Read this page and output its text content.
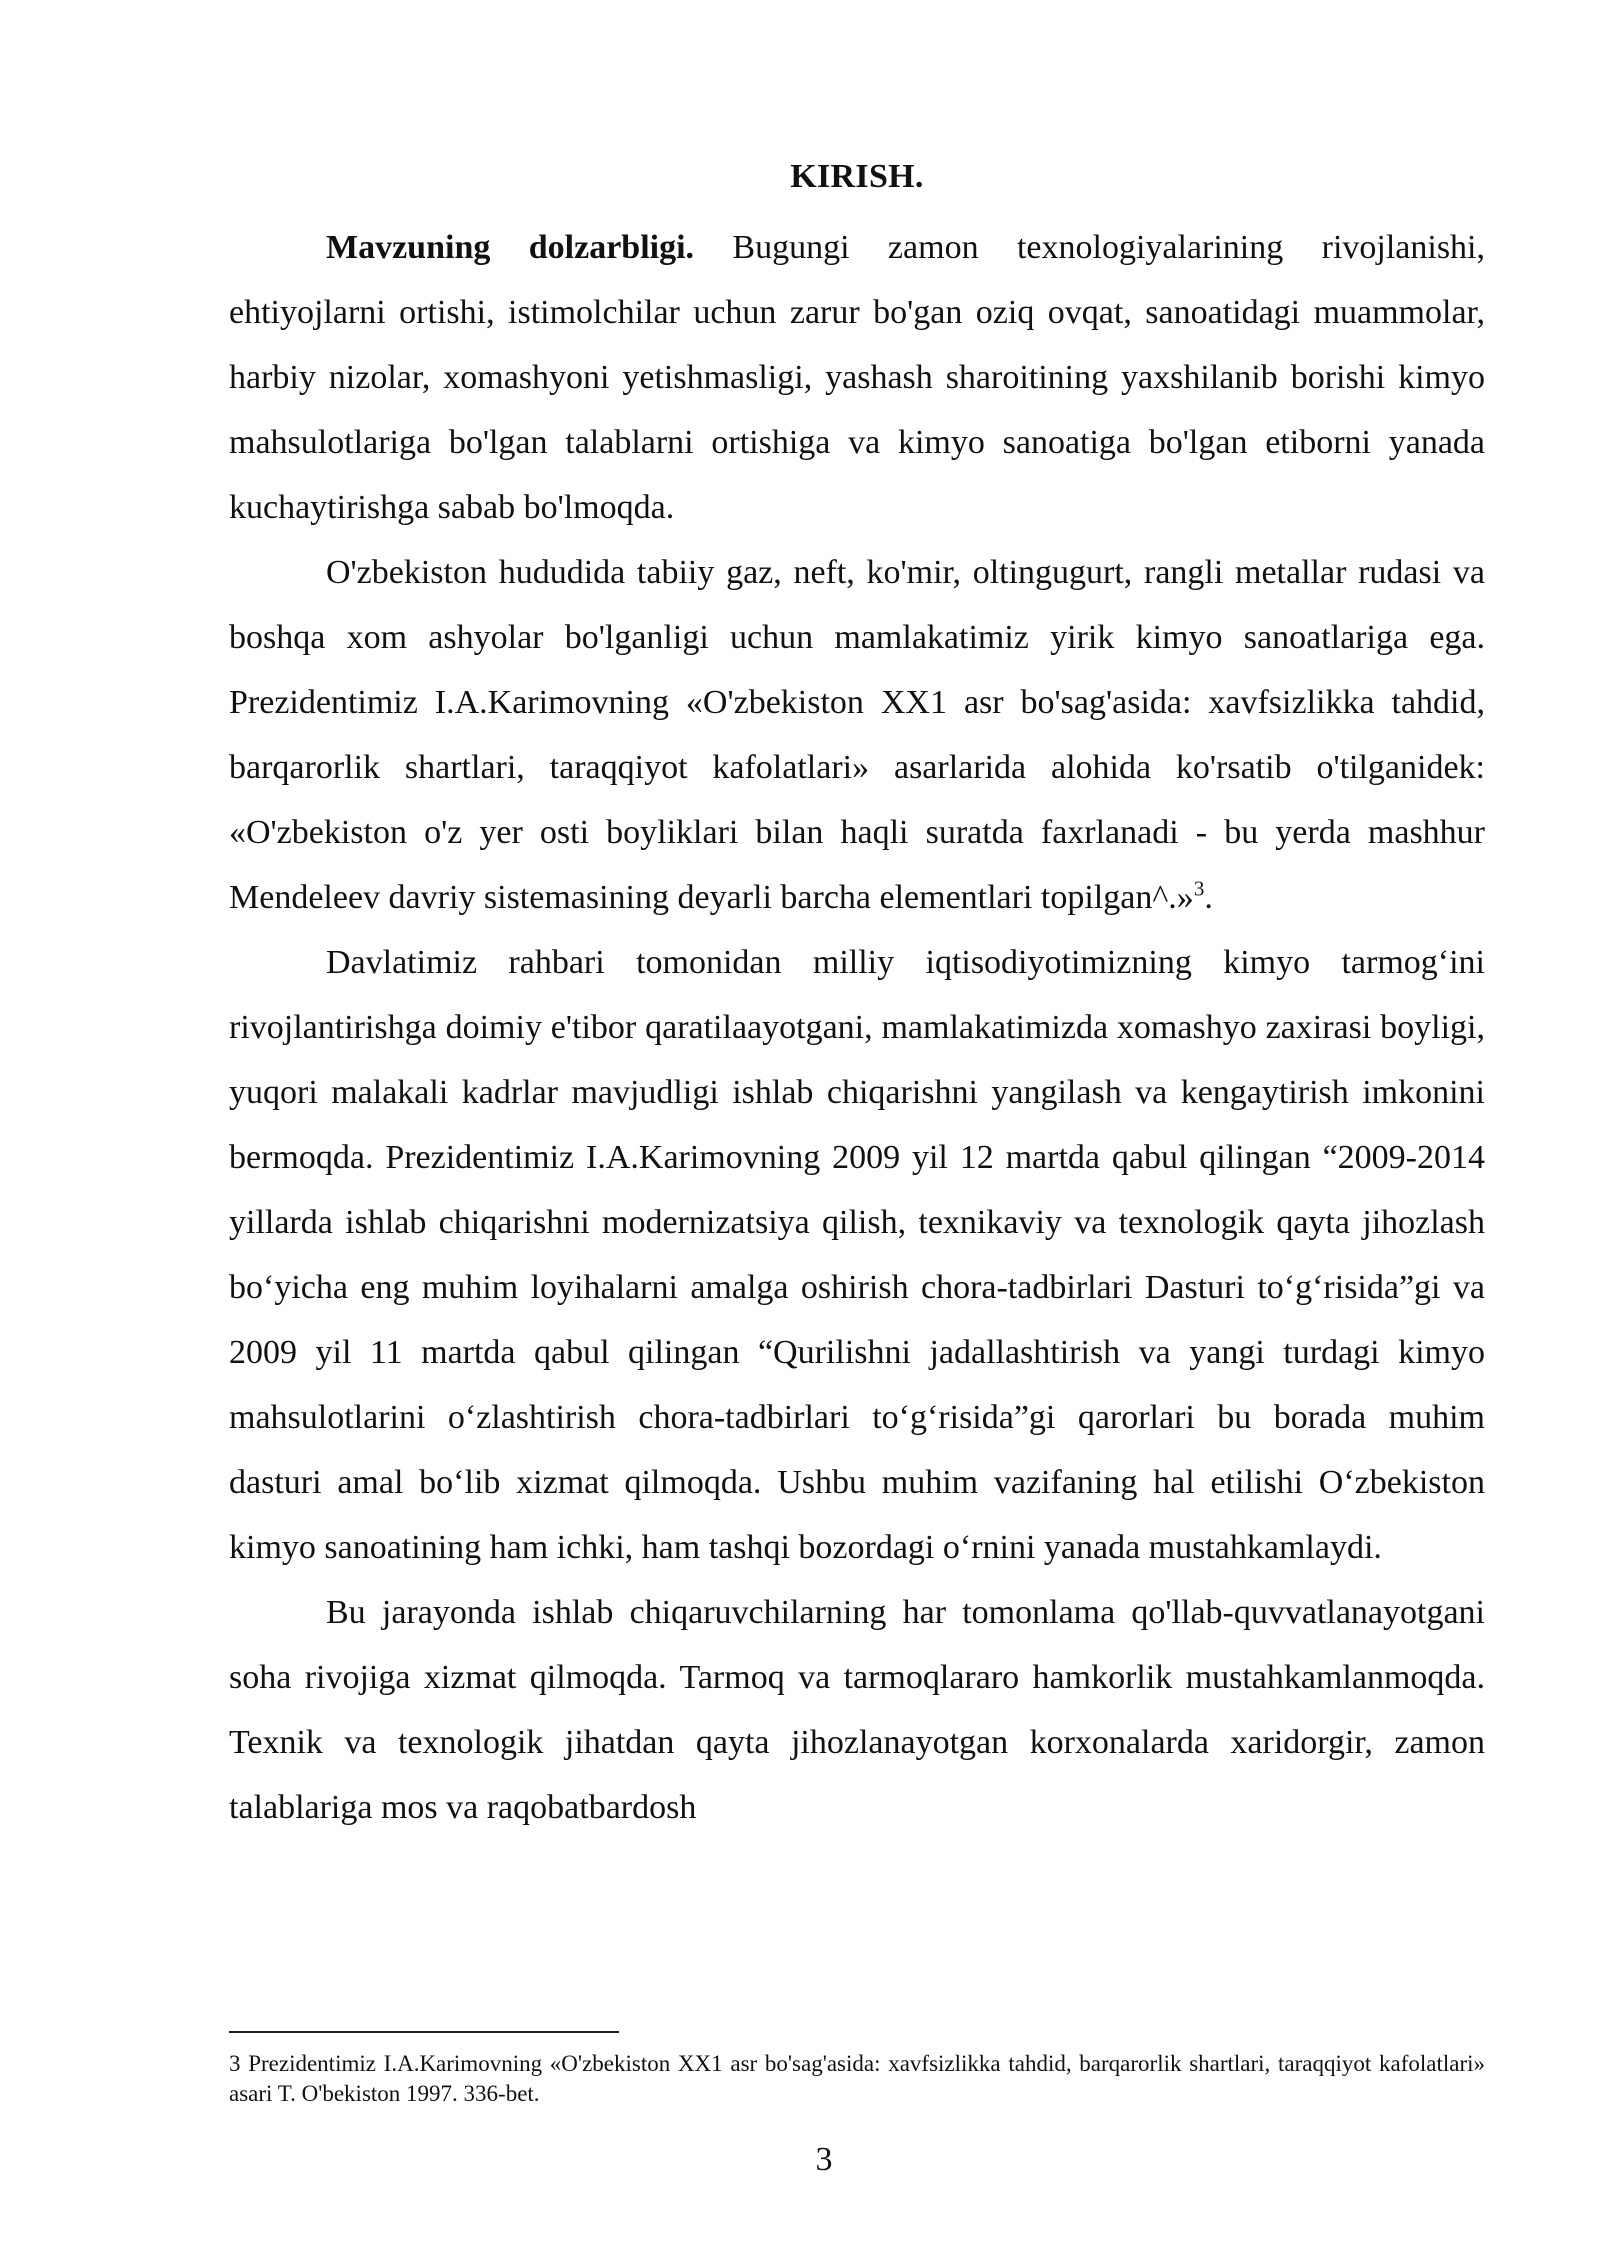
KIRISH.

Mavzuning dolzarbligi. Bugungi zamon texnologiyalarining rivojlanishi, ehtiyojlarni ortishi, istimolchilar uchun zarur bo'gan oziq ovqat, sanoatidagi muammolar, harbiy nizolar, xomashyoni yetishmasligi, yashash sharoitining yaxshilanib borishi kimyo mahsulotlariga bo'lgan talablarni ortishiga va kimyo sanoatiga bo'lgan etiborni yanada kuchaytirishga sabab bo'lmoqda.

O'zbekiston hududida tabiiy gaz, neft, ko'mir, oltingugurt, rangli metallar rudasi va boshqa xom ashyolar bo'lganligi uchun mamlakatimiz yirik kimyo sanoatlariga ega. Prezidentimiz I.A.Karimovning «O'zbekiston XX1 asr bo'sag'asida: xavfsizlikka tahdid, barqarorlik shartlari, taraqqiyot kafolatlari» asarlarida alohida ko'rsatib o'tilganidek: «O'zbekiston o'z yer osti boyliklari bilan haqli suratda faxrlanadi - bu yerda mashhur Mendeleev davriy sistemasining deyarli barcha elementlari topilgan^.»$^3$.

Davlatimiz rahbari tomonidan milliy iqtisodiyotimizning kimyo tarmog‘ini rivojlantirishga doimiy e'tibor qaratilaayotgani, mamlakatimizda xomashyo zaxirasi boyligi, yuqori malakali kadrlar mavjudligi ishlab chiqarishni yangilash va kengaytirish imkonini bermoqda. Prezidentimiz I.A.Karimovning 2009 yil 12 martda qabul qilingan “2009-2014 yillarda ishlab chiqarishni modernizatsiya qilish, texnikaviy va texnologik qayta jihozlash bo‘yicha eng muhim loyihalarni amalga oshirish chora-tadbirlari Dasturi to‘g‘risida”gi va 2009 yil 11 martda qabul qilingan “Qurilishni jadallashtirish va yangi turdagi kimyo mahsulotlarini o‘zlashtirish chora-tadbirlari to‘g‘risida”gi qarorlari bu borada muhim dasturi amal bo‘lib xizmat qilmoqda. Ushbu muhim vazifaning hal etilishi O‘zbekiston kimyo sanoatining ham ichki, ham tashqi bozordagi o‘rnini yanada mustahkamlaydi.

Bu jarayonda ishlab chiqaruvchilarning har tomonlama qo'llab-quvvatlanayotgani soha rivojiga xizmat qilmoqda. Tarmoq va tarmoqlararo hamkorlik mustahkamlanmoqda. Texnik va texnologik jihatdan qayta jihozlanayotgan korxonalarda xaridorgir, zamon talablariga mos va raqobatbardosh

3 Prezidentimiz I.A.Karimovning «O'zbekiston XX1 asr bo'sag'asida: xavfsizlikka tahdid, barqarorlik shartlari, taraqqiyot kafolatlari» asari T. O'bekiston 1997. 336-bet.

3
